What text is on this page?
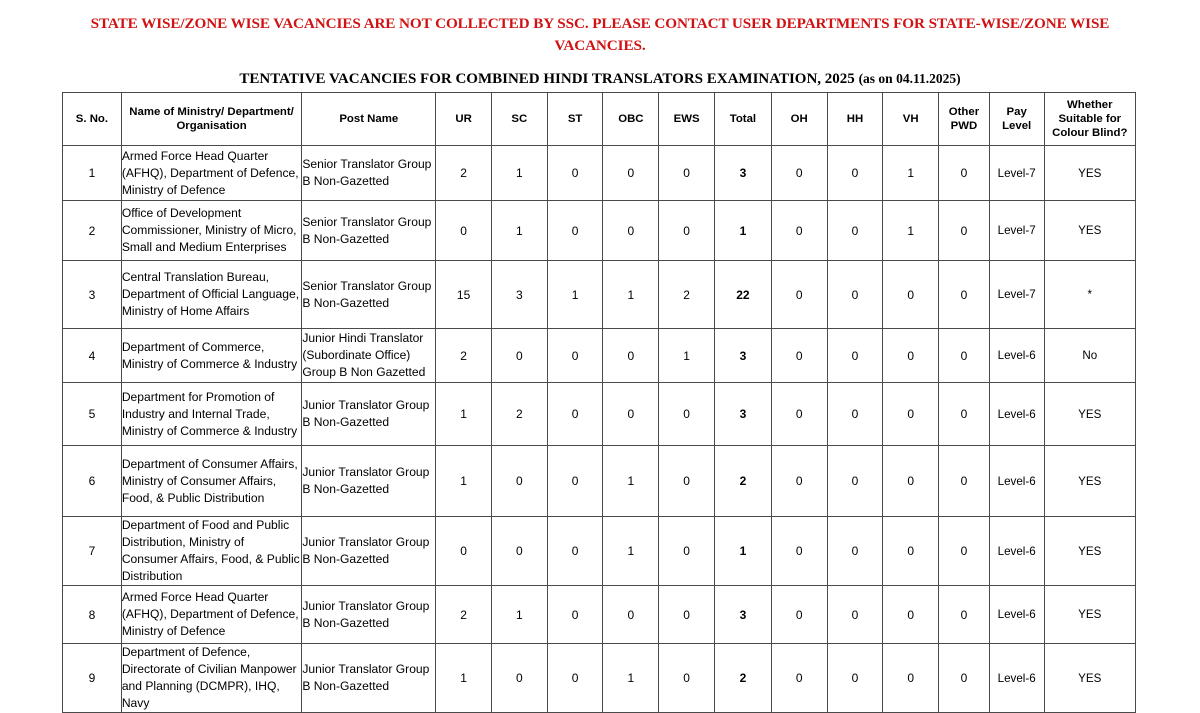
STATE WISE/ZONE WISE VACANCIES ARE NOT COLLECTED BY SSC. PLEASE CONTACT USER DEPARTMENTS FOR STATE-WISE/ZONE WISE VACANCIES.
TENTATIVE VACANCIES FOR COMBINED HINDI TRANSLATORS EXAMINATION, 2025 (as on 04.11.2025)
S. No.	Name of Ministry/ Department/ Organisation	Post Name	UR	SC	ST	OBC	EWS	Total	OH	HH	VH	Other PWD	Pay Level	Whether Suitable for Colour Blind?
1	Armed Force Head Quarter (AFHQ), Department of Defence, Ministry of Defence	Senior Translator Group B Non-Gazetted	2	1	0	0	0	3	0	0	1	0	Level-7	YES
2	Office of Development Commissioner, Ministry of Micro, Small and Medium Enterprises	Senior Translator Group B Non-Gazetted	0	1	0	0	0	1	0	0	1	0	Level-7	YES
3	Central Translation Bureau, Department of Official Language, Ministry of Home Affairs	Senior Translator Group B Non-Gazetted	15	3	1	1	2	22	0	0	0	0	Level-7	*
4	Department of Commerce, Ministry of Commerce & Industry	Junior Hindi Translator (Subordinate Office) Group B Non Gazetted	2	0	0	0	1	3	0	0	0	0	Level-6	No
5	Department for Promotion of Industry and Internal Trade, Ministry of Commerce & Industry	Junior Translator Group B Non-Gazetted	1	2	0	0	0	3	0	0	0	0	Level-6	YES
6	Department of Consumer Affairs, Ministry of Consumer Affairs, Food, & Public Distribution	Junior Translator Group B Non-Gazetted	1	0	0	1	0	2	0	0	0	0	Level-6	YES
7	Department of Food and Public Distribution, Ministry of Consumer Affairs, Food, & Public Distribution	Junior Translator Group B Non-Gazetted	0	0	0	1	0	1	0	0	0	0	Level-6	YES
8	Armed Force Head Quarter (AFHQ), Department of Defence, Ministry of Defence	Junior Translator Group B Non-Gazetted	2	1	0	0	0	3	0	0	0	0	Level-6	YES
9	Department of Defence, Directorate of Civilian Manpower and Planning (DCMPR), IHQ, Navy	Junior Translator Group B Non-Gazetted	1	0	0	1	0	2	0	0	0	0	Level-6	YES
